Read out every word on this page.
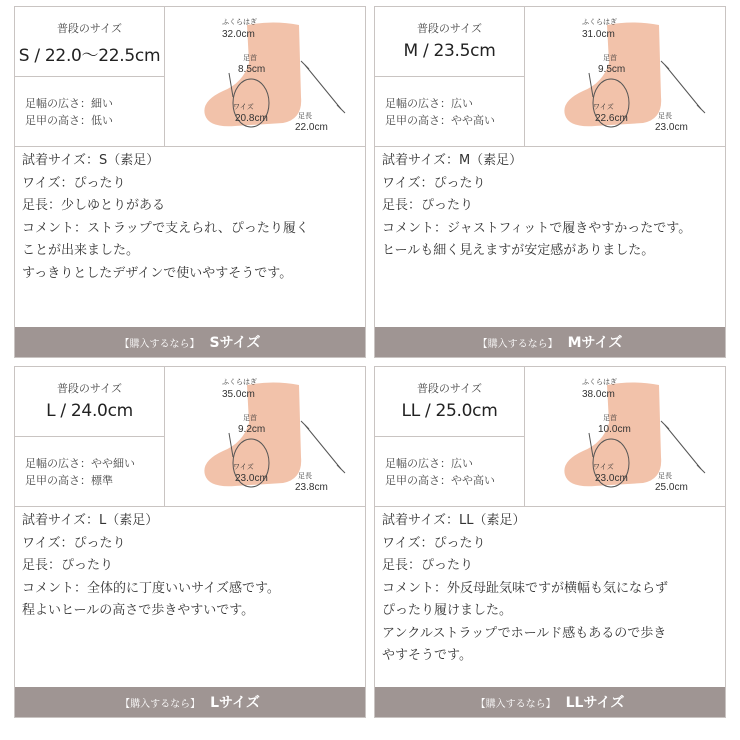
普段のサイズ
S / 22.0〜22.5cm
足幅の広さ：細い
足甲の高さ：低い
ふくらはぎ
32.0cm
足首
8.5cm
ワイズ
20.8cm	足長
22.0cm
試着サイズ：S（素足）
ワイズ：ぴったり
足長：少しゆとりがある
コメント：ストラップで支えられ、ぴったり履く
ことが出来ました。
すっきりとしたデザインで使いやすそうです。
【購入するなら】 Sサイズ
普段のサイズ
M / 23.5cm
足幅の広さ：広い
足甲の高さ：やや高い
ふくらはぎ
31.0cm
足首
9.5cm
ワイズ
22.6cm	足長
23.0cm
試着サイズ：M（素足）
ワイズ：ぴったり
足長：ぴったり
コメント：ジャストフィットで履きやすかったです。
ヒールも細く見えますが安定感がありました。
【購入するなら】 Mサイズ
普段のサイズ
L / 24.0cm
足幅の広さ：やや細い
足甲の高さ：標準
ふくらはぎ
35.0cm
足首
9.2cm
ワイズ
23.0cm	足長
23.8cm
試着サイズ：L（素足）
ワイズ：ぴったり
足長：ぴったり
コメント：全体的に丁度いいサイズ感です。
程よいヒールの高さで歩きやすいです。
【購入するなら】 Lサイズ
普段のサイズ
LL / 25.0cm
足幅の広さ：広い
足甲の高さ：やや高い
ふくらはぎ
38.0cm
足首
10.0cm
ワイズ
23.0cm	足長
25.0cm
試着サイズ：LL（素足）
ワイズ：ぴったり
足長：ぴったり
コメント：外反母趾気味ですが横幅も気にならず
ぴったり履けました。
アンクルストラップでホールド感もあるので歩き
やすそうです。
【購入するなら】 LLサイズ
